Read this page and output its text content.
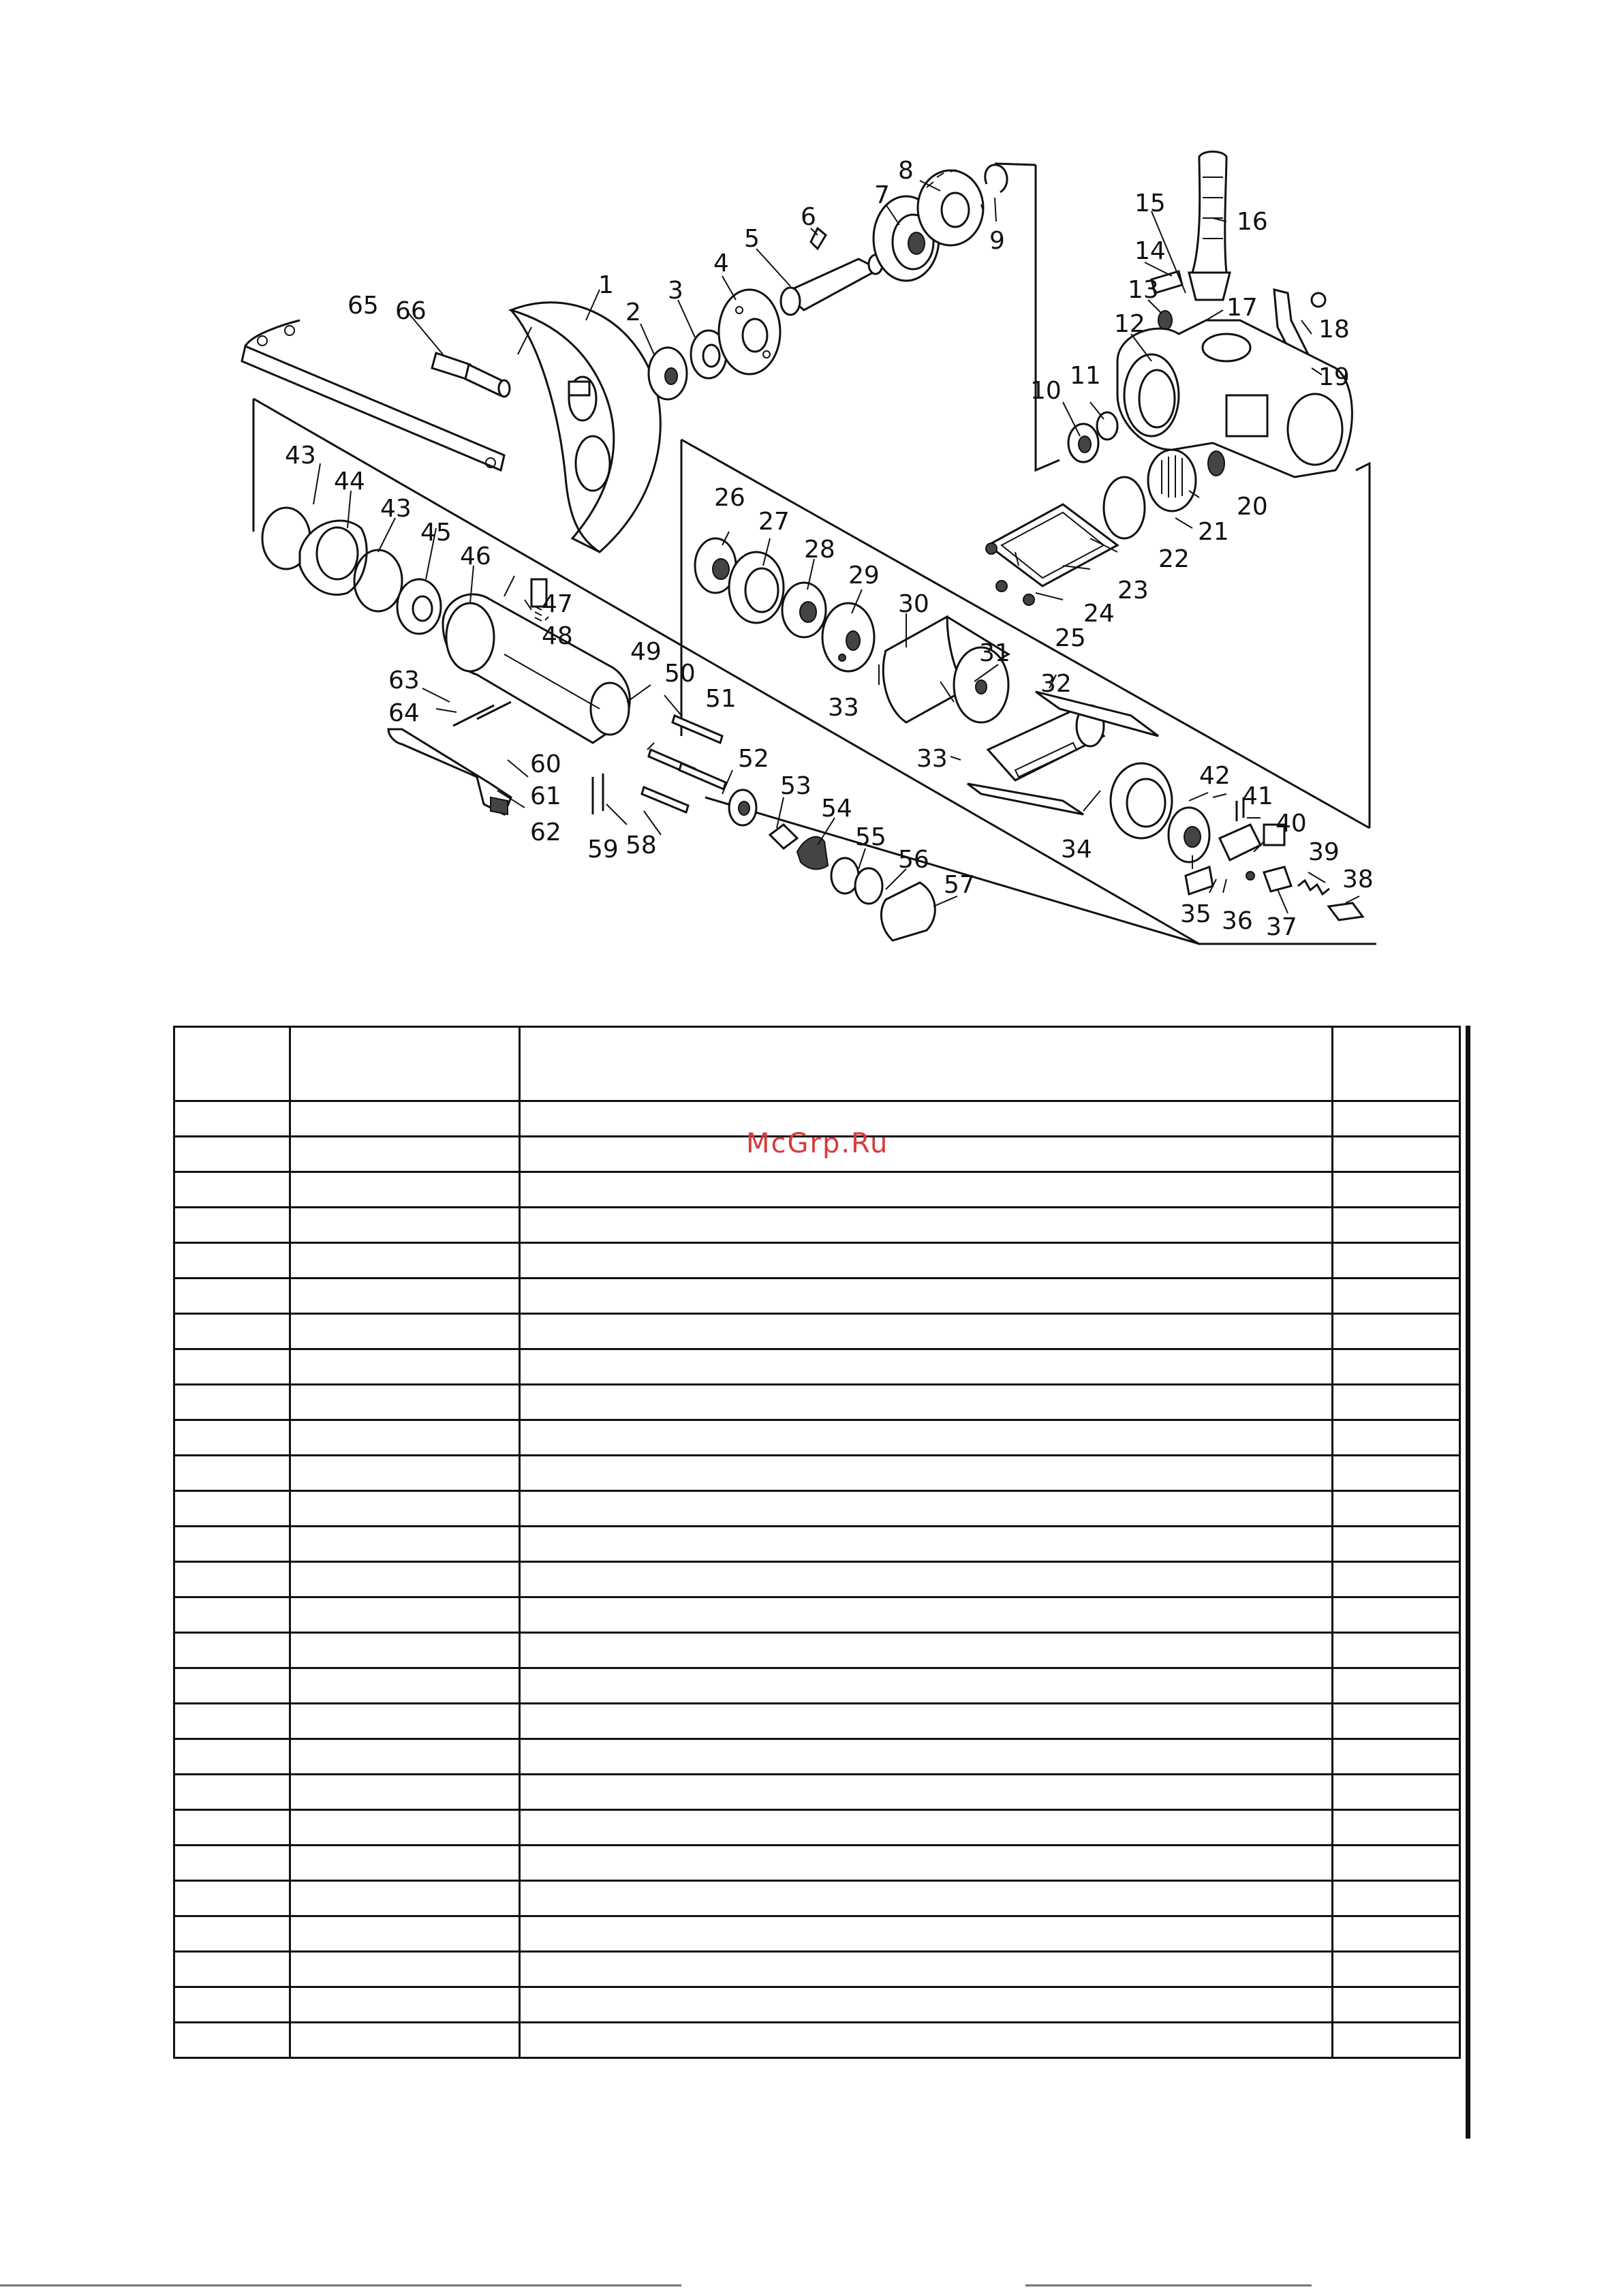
1
2
3
4
5
6
7
8
9
10
11
12
13
14
15
16
17
18
19
20
21
22
23
24
25
26
27
28
29
30
31
32
33
33
34
35 36 37
38
39
40
41
42
43
44
43
45
46
47
48
49
50
51
52
53
54
55
56
57
58
59
60
61
62
63
64
65 66

McGrp.Ru
